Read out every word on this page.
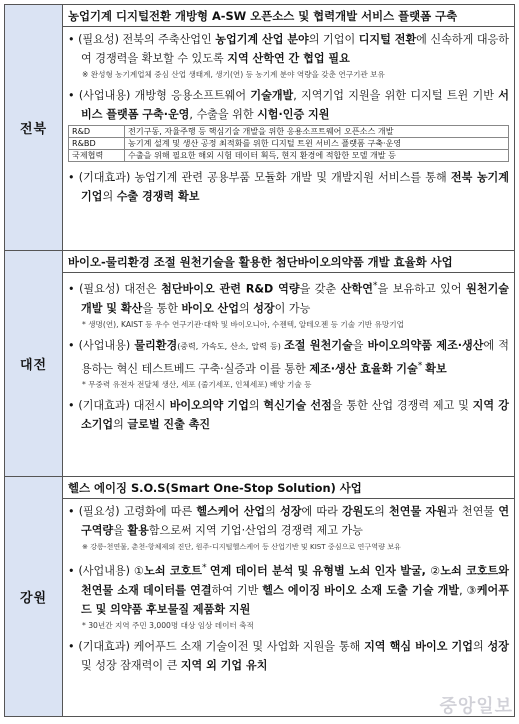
전북	
농업기계 디지털전환 개방형 A-SW 오픈소스 및 협력개발 서비스 플랫폼 구축

• (필요성) 전북의 주축산업인 농업기계 산업 분야의 기업이 디지털 전환에 신속하게 대응하여 경쟁력을 확보할 수 있도록 지역 산학연 간 협업 필요

※ 완성형 농기계업체 중심 산업 생태계, 생기(연) 등 농기계 분야 역량을 갖춘 연구기관 보유

• (사업내용) 개방형 응용소프트웨어 기술개발, 지역기업 지원을 위한 디지털 트윈 기반 서비스 플랫폼 구축·운영, 수출을 위한 시험·인증 지원

R&D	전기구동, 자율주행 등 핵심기술 개발을 위한 응용소프트웨어 오픈소스 개발
R&BD	농기계 설계 및 생산 공정 최적화를 위한 디지털 트윈 서비스 플랫폼 구축·운영
국제협력	수출을 위해 필요한 해외 시험 데이터 획득, 현지 환경에 적합한 모델 개발 등

• (기대효과) 농업기계 관련 공용부품 모듈화 개발 및 개발지원 서비스를 통해 전북 농기계 기업의 수출 경쟁력 확보

대전	
바이오-물리환경 조절 원천기술을 활용한 첨단바이오의약품 개발 효율화 사업

• (필요성) 대전은 첨단바이오 관련 R&D 역량을 갖춘 산학연*을 보유하고 있어 원천기술 개발 및 확산을 통한 바이오 산업의 성장이 가능

* 생명(연), KAIST 등 우수 연구기관·대학 및 바이오니아, 수젠텍, 알테오젠 등 기술 기반 유망기업

• (사업내용) 물리환경(중력, 가속도, 산소, 압력 등) 조절 원천기술을 바이오의약품 제조·생산에 적용하는 혁신 테스트베드 구축·실증과 이를 통한 제조·생산 효율화 기술* 확보

* 무중력 유전자 전달체 생산, 세포 (줄기세포, 인체세포) 배양 기술 등

• (기대효과) 대전시 바이오의약 기업의 혁신기술 선점을 통한 산업 경쟁력 제고 및 지역 강소기업의 글로벌 진출 촉진

강원	
헬스 에이징 S.O.S(Smart One-Stop Solution) 사업

• (필요성) 고령화에 따른 헬스케어 산업의 성장에 따라 강원도의 천연물 자원과 천연물 연구역량을 활용함으로써 지역 기업·산업의 경쟁력 제고 가능

※ 강릉-천연물, 춘천-항체제외 진단, 원주-디지털헬스케어 등 산업기반 및 KIST 중심으로 연구역량 보유

• (사업내용) ①노쇠 코호트* 연계 데이터 분석 및 유형별 노쇠 인자 발굴, ②노쇠 코호트와 천연물 소재 데이터를 연결하여 기반 헬스 에이징 바이오 소재 도출 기술 개발, ③케어푸드 및 의약품 후보물질 제품화 지원

* 30년간 지역 주민 3,000명 대상 임상 데이터 축적

• (기대효과) 케어푸드 소재 기술이전 및 사업화 지원을 통해 지역 핵심 바이오 기업의 성장 및 성장 잠재력이 큰 지역 외 기업 유치

중앙일보
